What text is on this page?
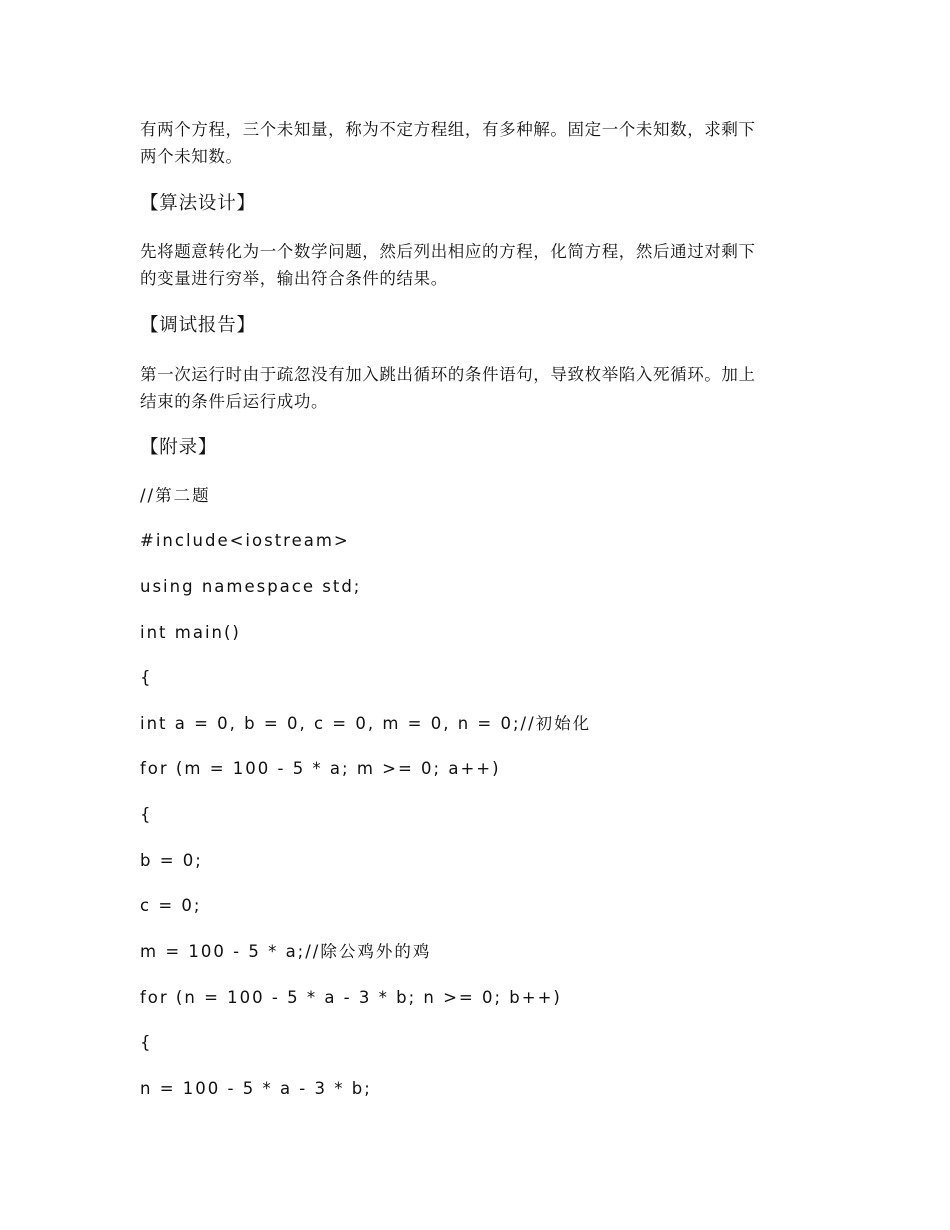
有两个方程，三个未知量，称为不定方程组，有多种解。固定一个未知数，求剩下

两个未知数。

【算法设计】

先将题意转化为一个数学问题，然后列出相应的方程，化简方程，然后通过对剩下

的变量进行穷举，输出符合条件的结果。

【调试报告】

第一次运行时由于疏忽没有加入跳出循环的条件语句，导致枚举陷入死循环。加上

结束的条件后运行成功。

【附录】
//第二题
#include<iostream>
using namespace std;
int main()
{
int a = 0, b = 0, c = 0, m = 0, n = 0;//初始化
for (m = 100 - 5 * a; m >= 0; a++)
{
b = 0;
c = 0;
m = 100 - 5 * a;//除公鸡外的鸡
for (n = 100 - 5 * a - 3 * b; n >= 0; b++)
{
n = 100 - 5 * a - 3 * b;
